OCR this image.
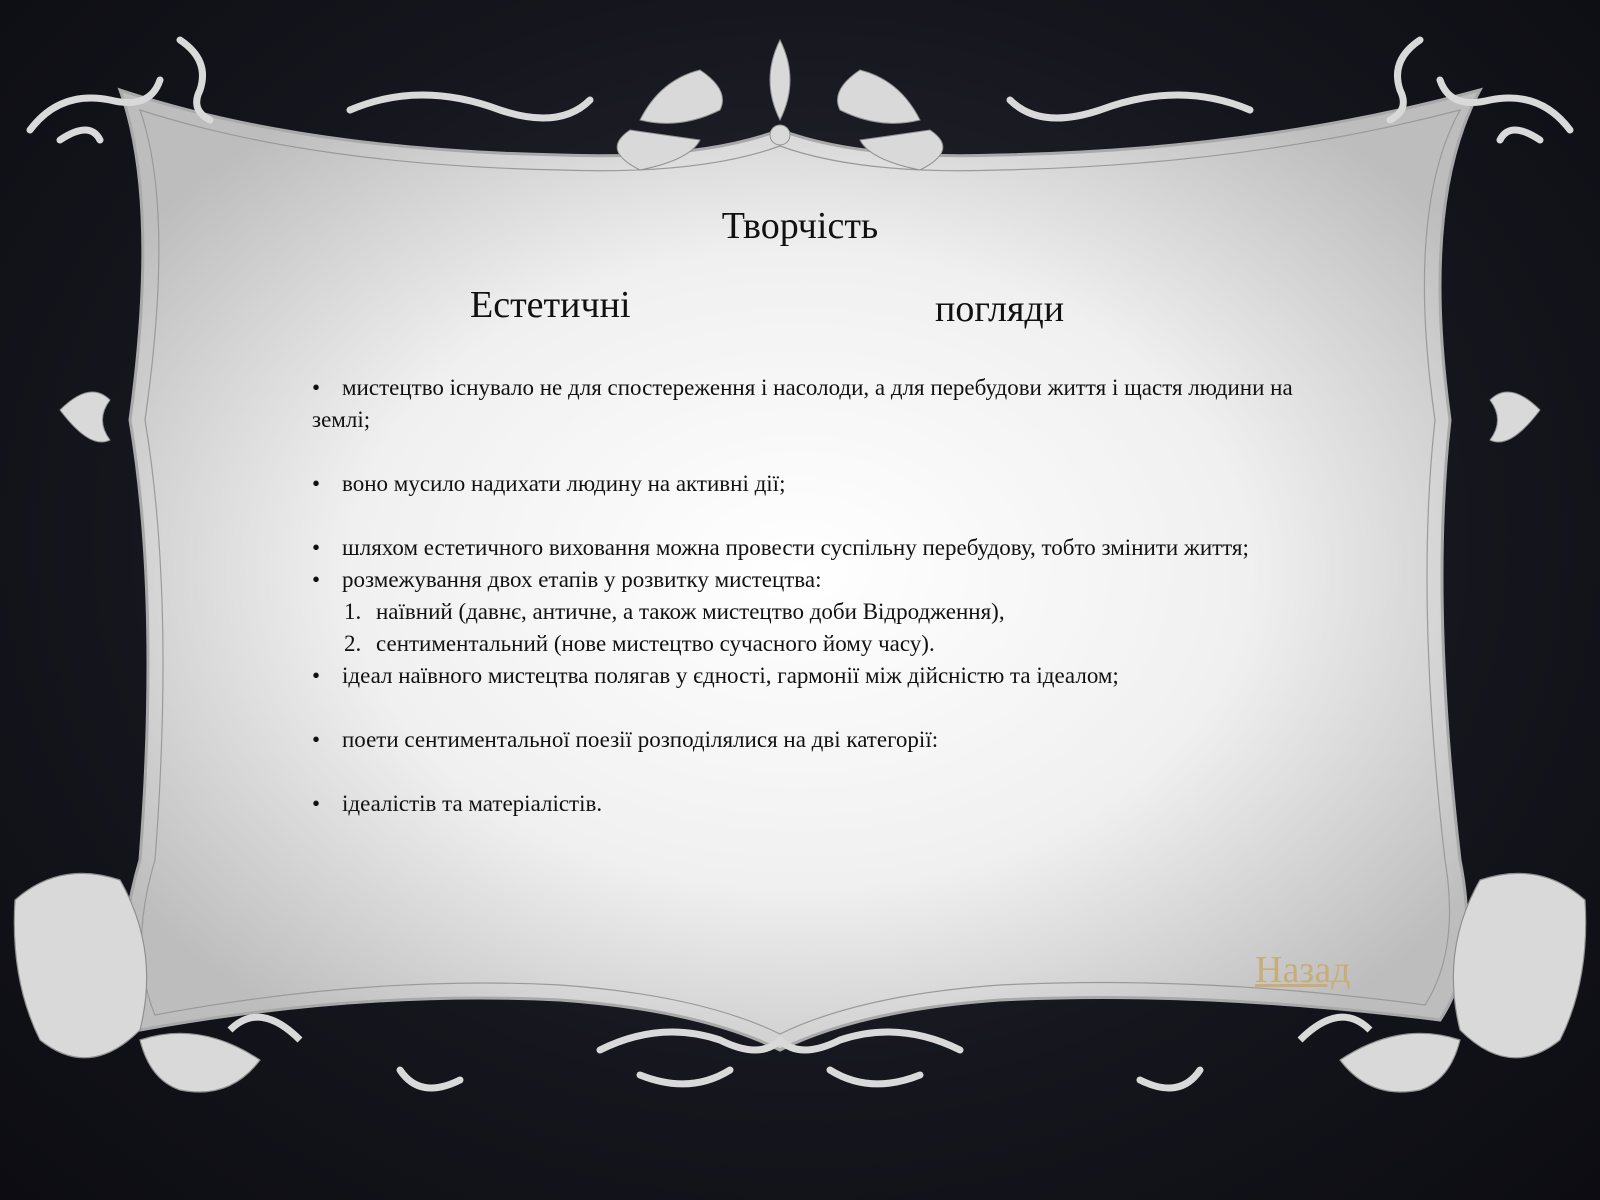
Творчість
Естетичні	погляди
• мистецтво існувало не для спостереження і насолоди, а для перебудови життя і щастя людини на землі;
• воно мусило надихати людину на активні дії;
• шляхом естетичного виховання можна провести суспільну перебудову, тобто змінити життя;
• розмежування двох етапів у розвитку мистецтва:
1. наївний (давнє, античне, а також мистецтво доби Відродження),
2. сентиментальний (нове мистецтво сучасного йому часу).
• ідеал наївного мистецтва полягав у єдності, гармонії між дійсністю та ідеалом;
• поети сентиментальної поезії розподілялися на дві категорії:
• ідеалістів та матеріалістів.
Назад
